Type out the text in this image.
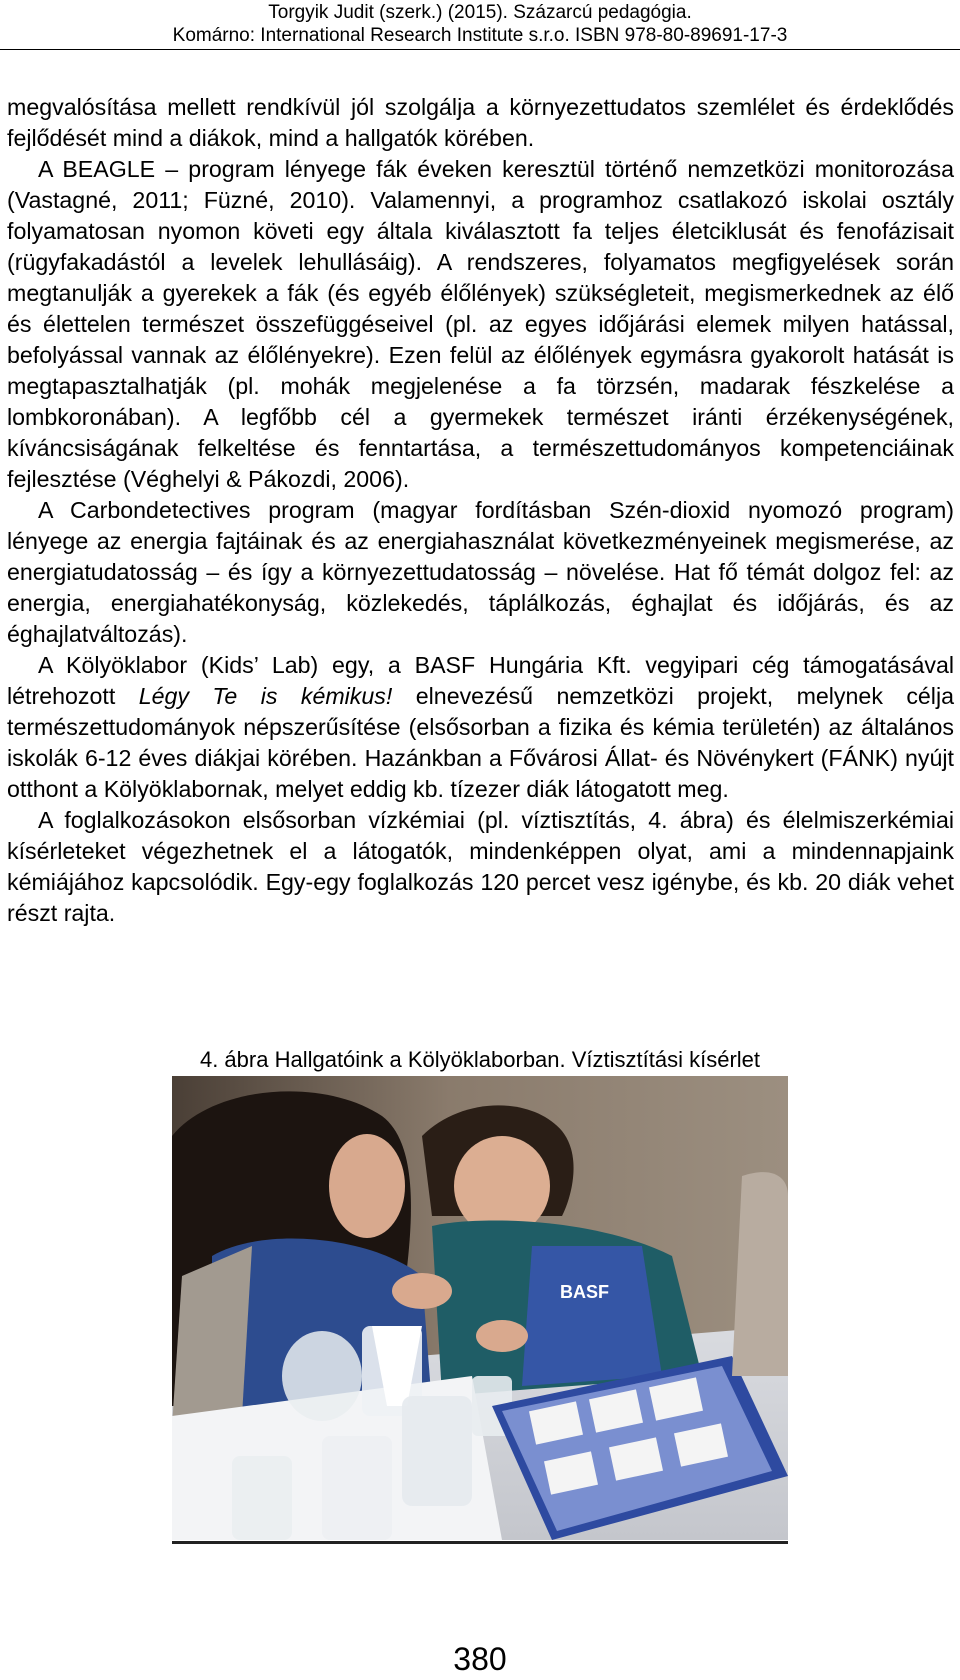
Torgyik Judit (szerk.) (2015). Százarcú pedagógia.
Komárno: International Research Institute s.r.o. ISBN 978-80-89691-17-3

megvalósítása mellett rendkívül jól szolgálja a környezettudatos szemlélet és érdeklődés fejlődését mind a diákok, mind a hallgatók körében.

A BEAGLE – program lényege fák éveken keresztül történő nemzetközi monitorozása (Vastagné, 2011; Füzné, 2010). Valamennyi, a programhoz csatlakozó iskolai osztály folyamatosan nyomon követi egy általa kiválasztott fa teljes életciklusát és fenofázisait (rügyfakadástól a levelek lehullásáig). A rendszeres, folyamatos megfigyelések során megtanulják a gyerekek a fák (és egyéb élőlények) szükségleteit, megismerkednek az élő és élettelen természet összefüggéseivel (pl. az egyes időjárási elemek milyen hatással, befolyással vannak az élőlényekre). Ezen felül az élőlények egymásra gyakorolt hatását is megtapasztalhatják (pl. mohák megjelenése a fa törzsén, madarak fészkelése a lombkoronában). A legfőbb cél a gyermekek természet iránti érzékenységének, kíváncsiságának felkeltése és fenntartása, a természettudományos kompetenciáinak fejlesztése (Véghelyi & Pákozdi, 2006).

A Carbondetectives program (magyar fordításban Szén-dioxid nyomozó program) lényege az energia fajtáinak és az energiahasználat következményeinek megismerése, az energiatudatosság – és így a környezettudatosság – növelése. Hat fő témát dolgoz fel: az energia, energiahatékonyság, közlekedés, táplálkozás, éghajlat és időjárás, és az éghajlatváltozás).

A Kölyöklabor (Kids’ Lab) egy, a BASF Hungária Kft. vegyipari cég támogatásával létrehozott Légy Te is kémikus! elnevezésű nemzetközi projekt, melynek célja természettudományok népszerűsítése (elsősorban a fizika és kémia területén) az általános iskolák 6-12 éves diákjai körében. Hazánkban a Fővárosi Állat- és Növénykert (FÁNK) nyújt otthont a Kölyöklabornak, melyet eddig kb. tízezer diák látogatott meg.

A foglalkozásokon elsősorban vízkémiai (pl. víztisztítás, 4. ábra) és élelmiszerkémiai kísérleteket végezhetnek el a látogatók, mindenképpen olyat, ami a mindennapjaink kémiájához kapcsolódik. Egy-egy foglalkozás 120 percet vesz igénybe, és kb. 20 diák vehet részt rajta.

4. ábra Hallgatóink a Kölyöklaborban. Víztisztítási kísérlet
BASF
380
